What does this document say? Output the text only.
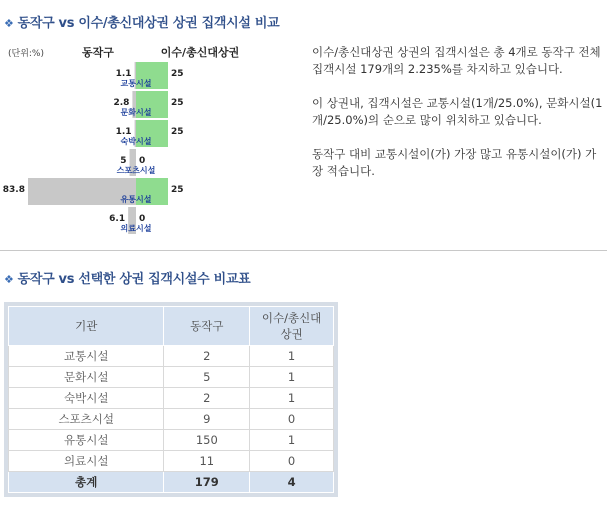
❖ 동작구 vs 이수/총신대상권 상권 집객시설 비교
(단위:%)	동작구	이수/총신대상권
1.1	25
교통시설
2.8	25
문화시설
1.1	25
숙박시설
5 0
스포츠시설
83.8	25
유통시설
6.1 0
의료시설

이수/총신대상권 상권의 집객시설은 총 4개로 동작구 전체 집객시설 179개의 2.235%를 차지하고 있습니다.

이 상권내, 집객시설은 교통시설(1개/25.0%), 문화시설(1개/25.0%)의 순으로 많이 위치하고 있습니다.

동작구 대비 교통시설이(가) 가장 많고 유통시설이(가) 가장 적습니다.

❖ 동작구 vs 선택한 상권 집객시설수 비교표
기관	동작구	이수/총신대 상권
교통시설	2	1
문화시설	5	1
숙박시설	2	1
스포츠시설	9	0
유통시설	150	1
의료시설	11	0
총계	179	4
